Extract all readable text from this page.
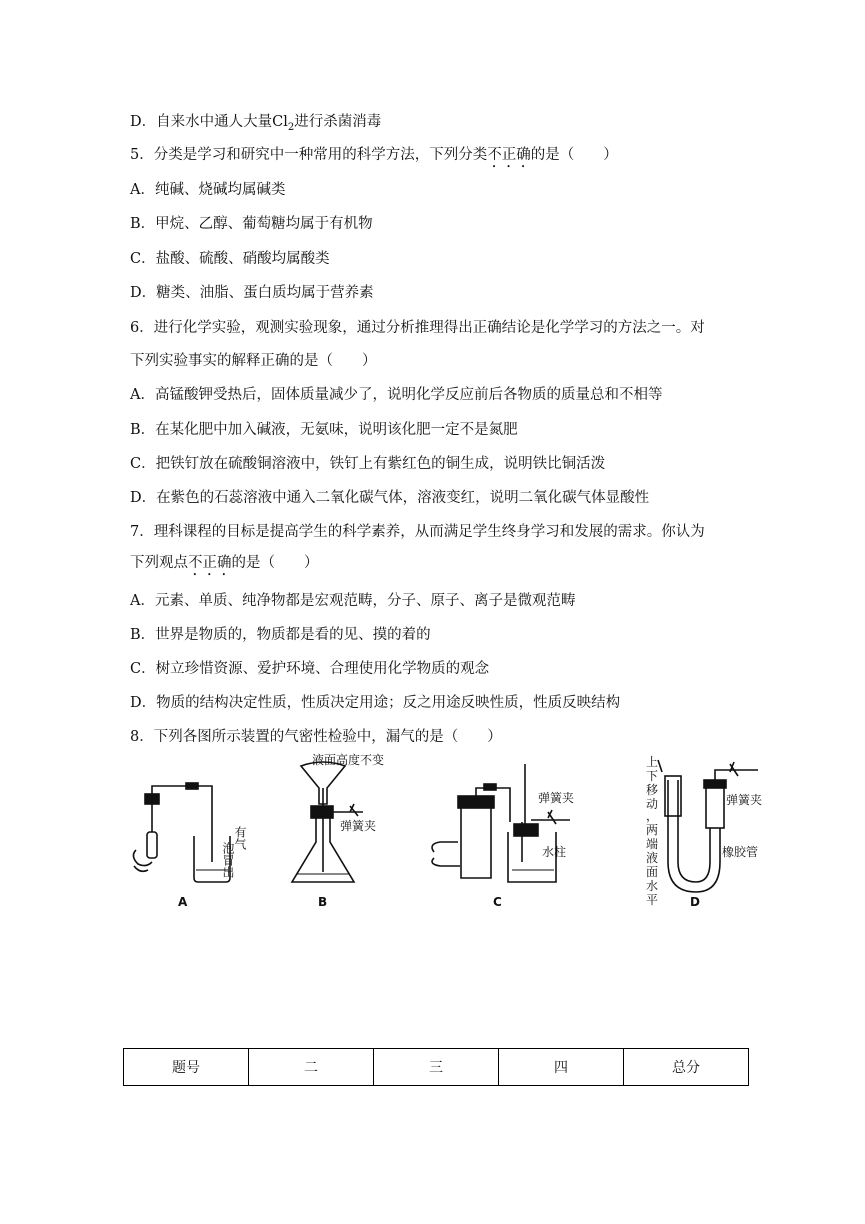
D．自来水中通人大量$Cl_2$进行杀菌消毒
5．分类是学习和研究中一种常用的科学方法，下列分类不正确的是（　　）
A．纯碱、烧碱均属碱类
B．甲烷、乙醇、葡萄糖均属于有机物
C．盐酸、硫酸、硝酸均属酸类
D．糖类、油脂、蛋白质均属于营养素
6．进行化学实验，观测实验现象，通过分析推理得出正确结论是化学学习的方法之一。对
下列实验事实的解释正确的是（　　）
A．高锰酸钾受热后，固体质量减少了，说明化学反应前后各物质的质量总和不相等
B．在某化肥中加入碱液，无氨味，说明该化肥一定不是氮肥
C．把铁钉放在硫酸铜溶液中，铁钉上有紫红色的铜生成，说明铁比铜活泼
D．在紫色的石蕊溶液中通入二氧化碳气体，溶液变红，说明二氧化碳气体显酸性
7．理科课程的目标是提高学生的科学素养，从而满足学生终身学习和发展的需求。你认为
下列观点不正确的是（　　）
A．元素、单质、纯净物都是宏观范畴，分子、原子、离子是微观范畴
B．世界是物质的，物质都是看的见、摸的着的
C．树立珍惜资源、爱护环境、合理使用化学物质的观念
D．物质的结构决定性质，性质决定用途；反之用途反映性质，性质反映结构
8．下列各图所示装置的气密性检验中，漏气的是（　　）
A	B	C	D
有气
泡冒出
液面高度不变
弹簧夹
弹簧夹
水柱
弹簧夹
橡胶管
上
下
移
动
，
两
端
液
面
水
平
题号	二	三	四	总分
